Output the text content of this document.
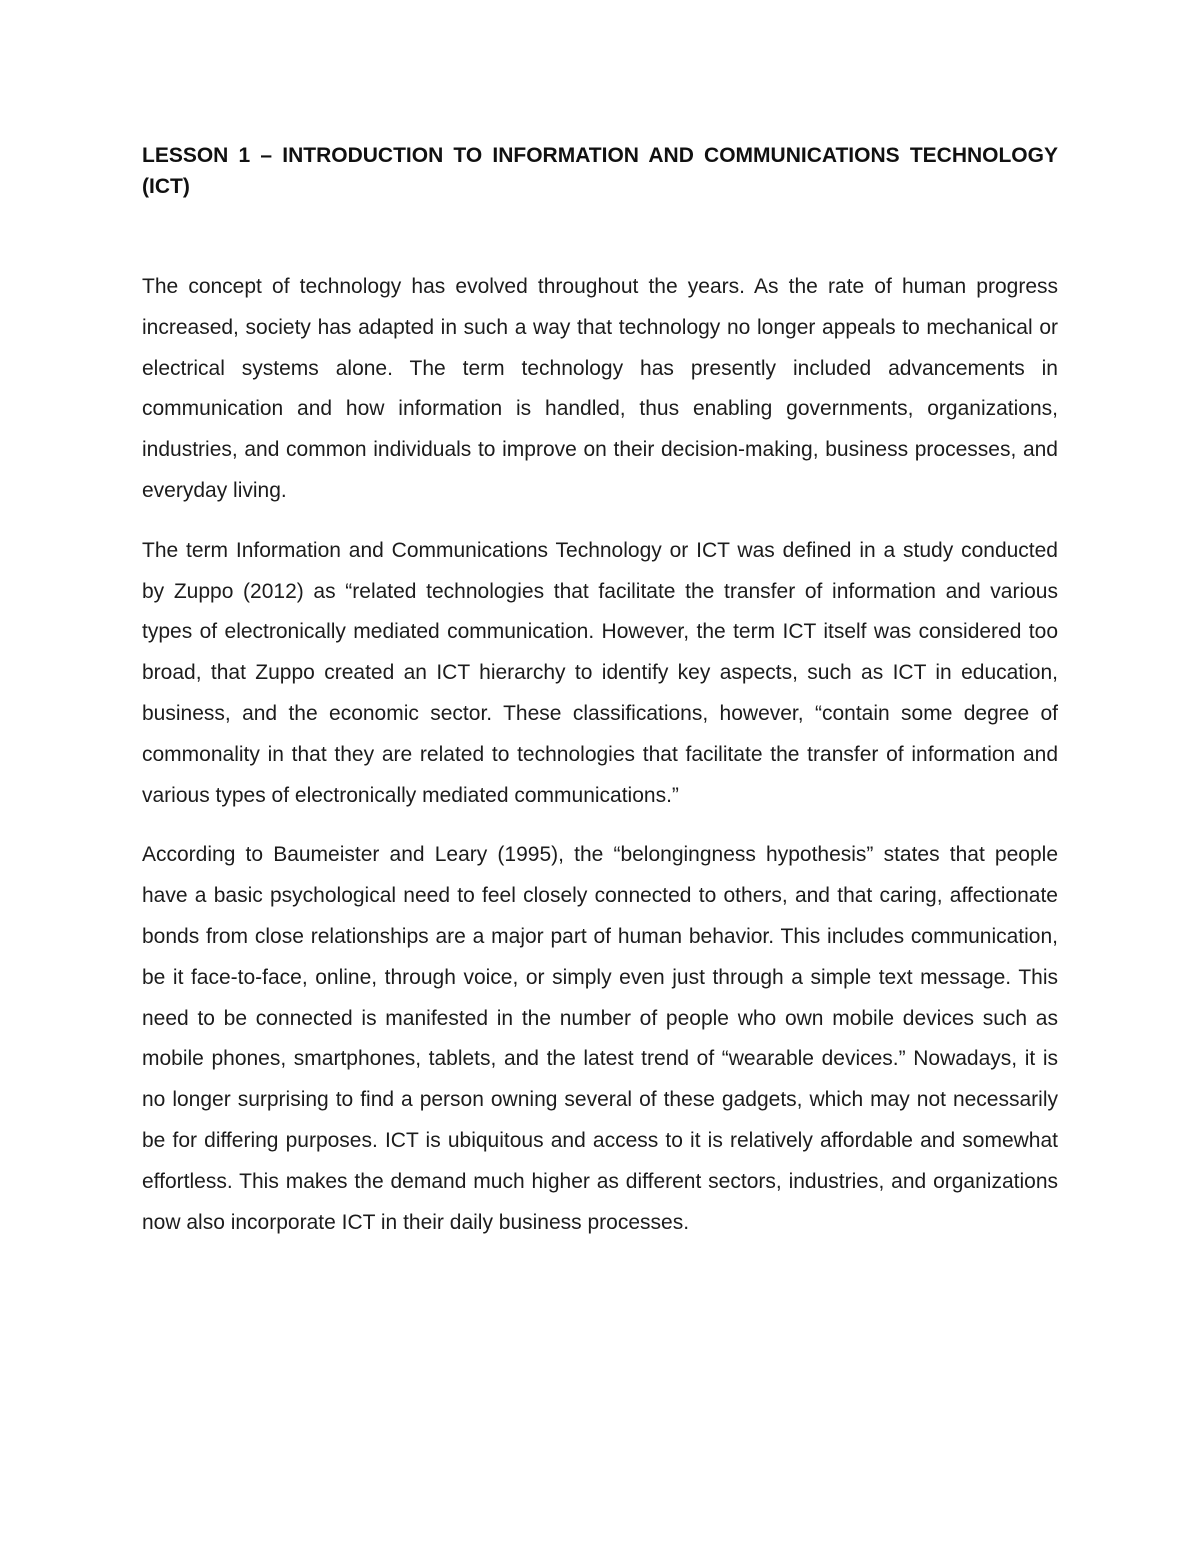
LESSON 1 – INTRODUCTION TO INFORMATION AND COMMUNICATIONS TECHNOLOGY (ICT)

The concept of technology has evolved throughout the years. As the rate of human progress increased, society has adapted in such a way that technology no longer appeals to mechanical or electrical systems alone. The term technology has presently included advancements in communication and how information is handled, thus enabling governments, organizations, industries, and common individuals to improve on their decision-making, business processes, and everyday living.

The term Information and Communications Technology or ICT was defined in a study conducted by Zuppo (2012) as “related technologies that facilitate the transfer of information and various types of electronically mediated communication. However, the term ICT itself was considered too broad, that Zuppo created an ICT hierarchy to identify key aspects, such as ICT in education, business, and the economic sector. These classifications, however, “contain some degree of commonality in that they are related to technologies that facilitate the transfer of information and various types of electronically mediated communications.”

According to Baumeister and Leary (1995), the “belongingness hypothesis” states that people have a basic psychological need to feel closely connected to others, and that caring, affectionate bonds from close relationships are a major part of human behavior. This includes communication, be it face-to-face, online, through voice, or simply even just through a simple text message. This need to be connected is manifested in the number of people who own mobile devices such as mobile phones, smartphones, tablets, and the latest trend of “wearable devices.” Nowadays, it is no longer surprising to find a person owning several of these gadgets, which may not necessarily be for differing purposes. ICT is ubiquitous and access to it is relatively affordable and somewhat effortless. This makes the demand much higher as different sectors, industries, and organizations now also incorporate ICT in their daily business processes.
